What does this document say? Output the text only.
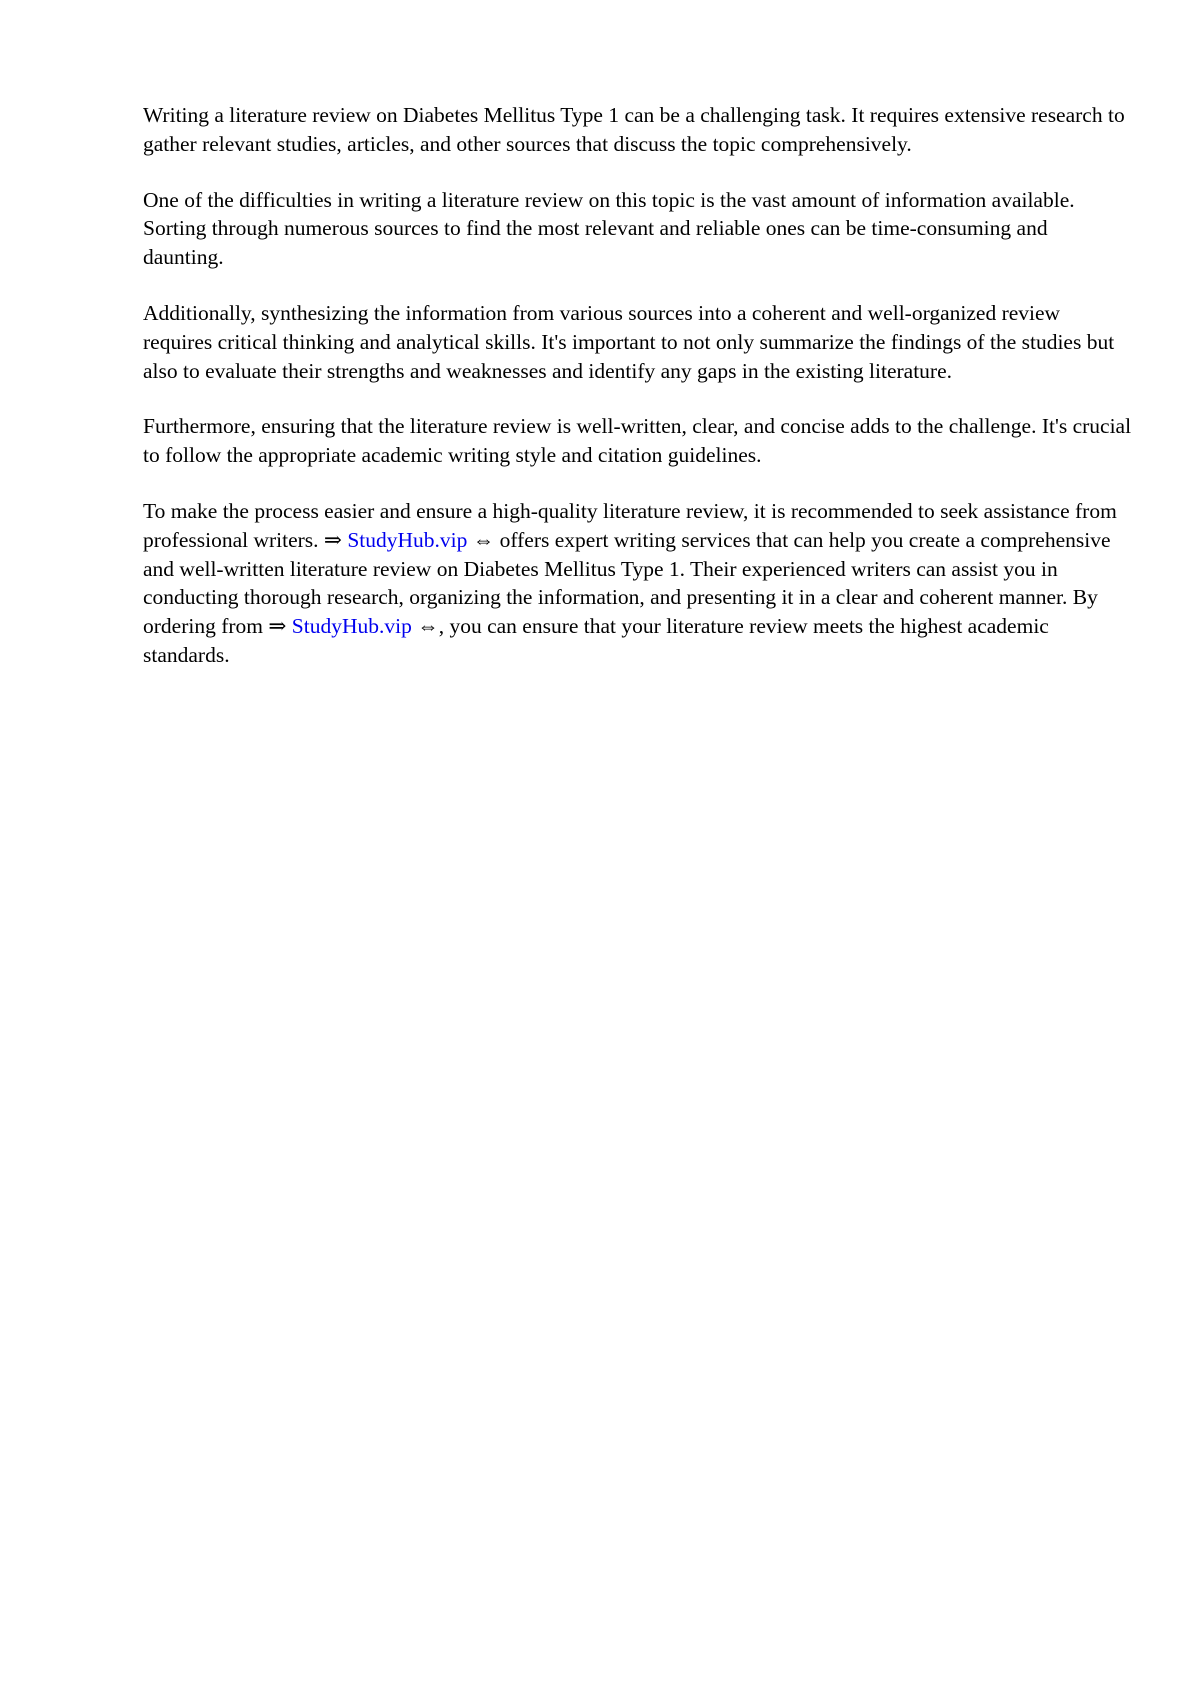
Writing a literature review on Diabetes Mellitus Type 1 can be a challenging task. It requires extensive research to gather relevant studies, articles, and other sources that discuss the topic comprehensively.

One of the difficulties in writing a literature review on this topic is the vast amount of information available. Sorting through numerous sources to find the most relevant and reliable ones can be time-consuming and daunting.

Additionally, synthesizing the information from various sources into a coherent and well-organized review requires critical thinking and analytical skills. It's important to not only summarize the findings of the studies but also to evaluate their strengths and weaknesses and identify any gaps in the existing literature.

Furthermore, ensuring that the literature review is well-written, clear, and concise adds to the challenge. It's crucial to follow the appropriate academic writing style and citation guidelines.

To make the process easier and ensure a high-quality literature review, it is recommended to seek assistance from professional writers. ⇒ StudyHub.vip ⇔ offers expert writing services that can help you create a comprehensive and well-written literature review on Diabetes Mellitus Type 1. Their experienced writers can assist you in conducting thorough research, organizing the information, and presenting it in a clear and coherent manner. By ordering from ⇒ StudyHub.vip ⇔, you can ensure that your literature review meets the highest academic standards.
